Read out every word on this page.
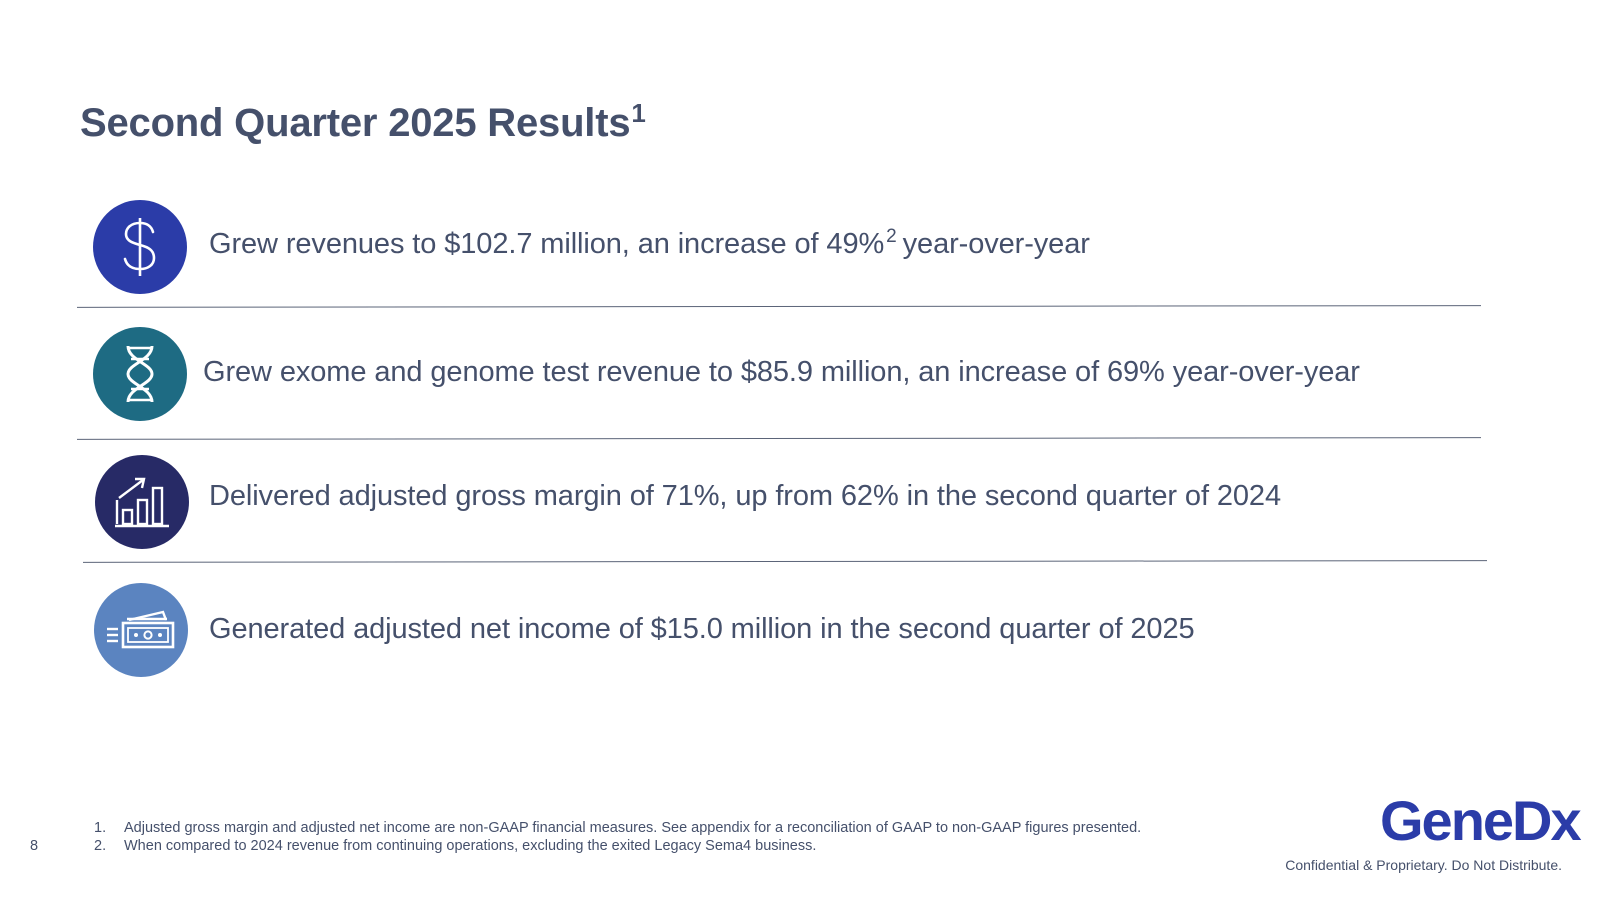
Second Quarter 2025 Results$^1$
Grew revenues to $102.7 million, an increase of 49% $^2$ year-over-year
Grew exome and genome test revenue to $85.9 million, an increase of 69% year-over-year
Delivered adjusted gross margin of 71%, up from 62% in the second quarter of 2024
Generated adjusted net income of $15.0 million in the second quarter of 2025
1.	Adjusted gross margin and adjusted net income are non-GAAP financial measures. See appendix for a reconciliation of GAAP to non-GAAP figures presented.
2.	When compared to 2024 revenue from continuing operations, excluding the exited Legacy Sema4 business.
8	GeneDx
Confidential & Proprietary. Do Not Distribute.
